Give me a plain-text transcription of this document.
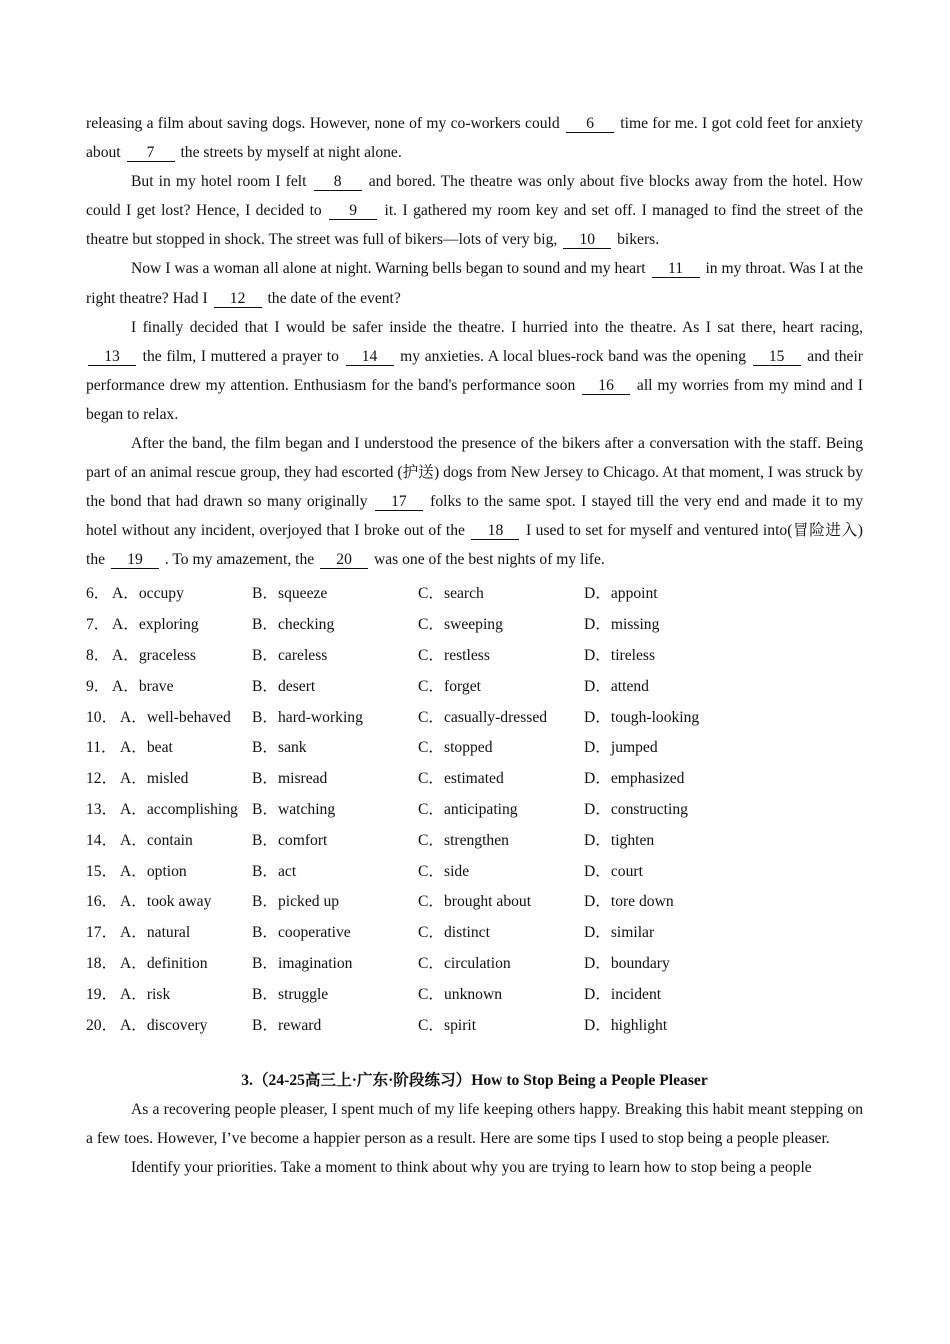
releasing a film about saving dogs. However, none of my co-workers could 6 time for me. I got cold feet for anxiety about 7 the streets by myself at night alone.

But in my hotel room I felt 8 and bored. The theatre was only about five blocks away from the hotel. How could I get lost? Hence, I decided to 9 it. I gathered my room key and set off. I managed to find the street of the theatre but stopped in shock. The street was full of bikers—lots of very big, 10 bikers.

Now I was a woman all alone at night. Warning bells began to sound and my heart 11 in my throat. Was I at the right theatre? Had I 12 the date of the event?

I finally decided that I would be safer inside the theatre. I hurried into the theatre. As I sat there, heart racing, 13 the film, I muttered a prayer to 14 my anxieties. A local blues-rock band was the opening 15 and their performance drew my attention. Enthusiasm for the band's performance soon 16 all my worries from my mind and I began to relax.

After the band, the film began and I understood the presence of the bikers after a conversation with the staff. Being part of an animal rescue group, they had escorted (护送) dogs from New Jersey to Chicago. At that moment, I was struck by the bond that had drawn so many originally 17 folks to the same spot. I stayed till the very end and made it to my hotel without any incident, overjoyed that I broke out of the 18 I used to set for myself and ventured into(冒险进入) the 19 . To my amazement, the 20 was one of the best nights of my life.

6． A．occupy	B．squeeze	C．search	D．appoint
7． A．exploring	B．checking	C．sweeping	D．missing
8． A．graceless	B．careless	C．restless	D．tireless
9． A．brave	B．desert	C．forget	D．attend
10． A．well-behaved	B．hard-working	C．casually-dressed	D．tough-looking
11． A．beat	B．sank	C．stopped	D．jumped
12． A．misled	B．misread	C．estimated	D．emphasized
13． A．accomplishing B．watching	C．anticipating	D．constructing
14． A．contain	B．comfort	C．strengthen	D．tighten
15． A．option	B．act	C．side	D．court
16． A．took away	B．picked up	C．brought about	D．tore down
17． A．natural	B．cooperative	C．distinct	D．similar
18． A．definition	B．imagination	C．circulation	D．boundary
19． A．risk	B．struggle	C．unknown	D．incident
20． A．discovery	B．reward	C．spirit	D．highlight

3.（24-25高三上·广东·阶段练习）How to Stop Being a People Pleaser

As a recovering people pleaser, I spent much of my life keeping others happy. Breaking this habit meant stepping on a few toes. However, I’ve become a happier person as a result. Here are some tips I used to stop being a people pleaser.

Identify your priorities. Take a moment to think about why you are trying to learn how to stop being a people
